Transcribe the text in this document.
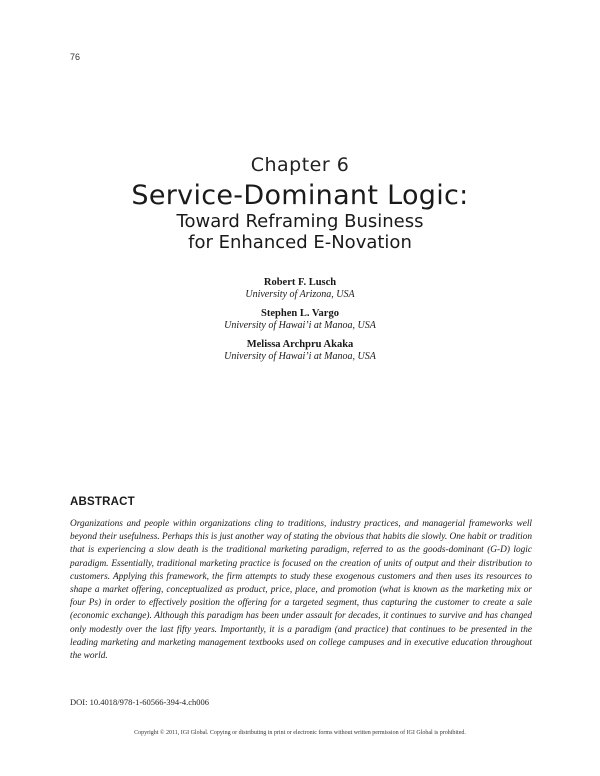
76
Chapter 6
Service-Dominant Logic:
Toward Reframing Business
for Enhanced E-Novation
Robert F. Lusch
University of Arizona, USA
Stephen L. Vargo
University of Hawai’i at Manoa, USA
Melissa Archpru Akaka
University of Hawai’i at Manoa, USA
ABSTRACT

Organizations and people within organizations cling to traditions, industry practices, and managerial frameworks well beyond their usefulness. Perhaps this is just another way of stating the obvious that habits die slowly. One habit or tradition that is experiencing a slow death is the traditional marketing paradigm, referred to as the goods-dominant (G-D) logic paradigm. Essentially, traditional marketing practice is focused on the creation of units of output and their distribution to customers. Applying this framework, the firm attempts to study these exogenous customers and then uses its resources to shape a market offering, conceptualized as product, price, place, and promotion (what is known as the marketing mix or four Ps) in order to effectively position the offering for a targeted segment, thus capturing the customer to create a sale (economic exchange). Although this paradigm has been under assault for decades, it continues to survive and has changed only modestly over the last fifty years. Importantly, it is a paradigm (and practice) that continues to be presented in the leading marketing and marketing management textbooks used on college campuses and in executive education throughout the world.

DOI: 10.4018/978-1-60566-394-4.ch006
Copyright © 2011, IGI Global. Copying or distributing in print or electronic forms without written permission of IGI Global is prohibited.
